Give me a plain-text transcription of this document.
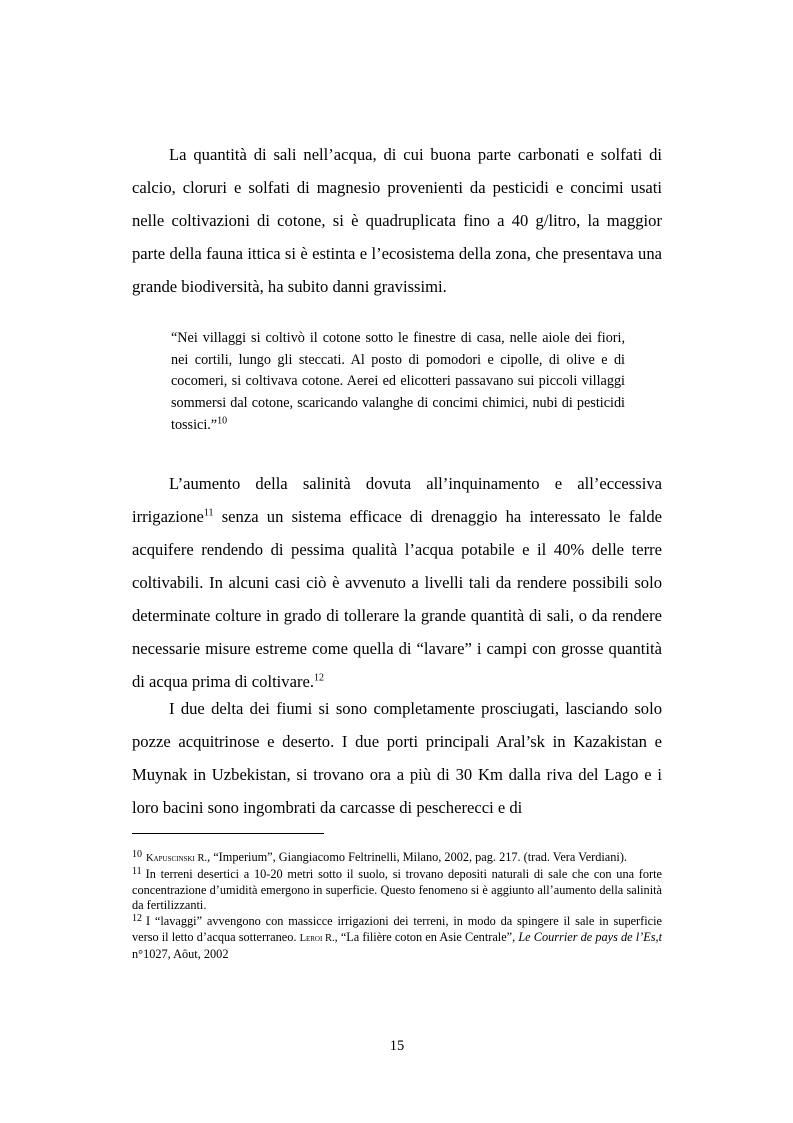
La quantità di sali nell’acqua, di cui buona parte carbonati e solfati di calcio, cloruri e solfati di magnesio provenienti da pesticidi e concimi usati nelle coltivazioni di cotone, si è quadruplicata fino a 40 g/litro, la maggior parte della fauna ittica si è estinta e l’ecosistema della zona, che presentava una grande biodiversità, ha subito danni gravissimi.

“Nei villaggi si coltivò il cotone sotto le finestre di casa, nelle aiole dei fiori, nei cortili, lungo gli steccati. Al posto di pomodori e cipolle, di olive e di cocomeri, si coltivava cotone. Aerei ed elicotteri passavano sui piccoli villaggi sommersi dal cotone, scaricando valanghe di concimi chimici, nubi di pesticidi tossici.”$^{10}$

L’aumento della salinità dovuta all’inquinamento e all’eccessiva irrigazione$^{11}$ senza un sistema efficace di drenaggio ha interessato le falde acquifere rendendo di pessima qualità l’acqua potabile e il 40% delle terre coltivabili. In alcuni casi ciò è avvenuto a livelli tali da rendere possibili solo determinate colture in grado di tollerare la grande quantità di sali, o da rendere necessarie misure estreme come quella di “lavare” i campi con grosse quantità di acqua prima di coltivare.$^{12}$

I due delta dei fiumi si sono completamente prosciugati, lasciando solo pozze acquitrinose e deserto. I due porti principali Aral’sk in Kazakistan e Muynak in Uzbekistan, si trovano ora a più di 30 Km dalla riva del Lago e i loro bacini sono ingombrati da carcasse di pescherecci e di

$^{10}$ Kapuscinski R., “Imperium”, Giangiacomo Feltrinelli, Milano, 2002, pag. 217. (trad. Vera Verdiani).

$^{11}$ In terreni desertici a 10-20 metri sotto il suolo, si trovano depositi naturali di sale che con una forte concentrazione d’umidità emergono in superficie. Questo fenomeno si è aggiunto all’aumento della salinità da fertilizzanti.

$^{12}$ I “lavaggi” avvengono con massicce irrigazioni dei terreni, in modo da spingere il sale in superficie verso il letto d’acqua sotterraneo. Leroi R., “La filière coton en Asie Centrale”, Le Courrier de pays de l’Es,t n°1027, Aôut, 2002

15
